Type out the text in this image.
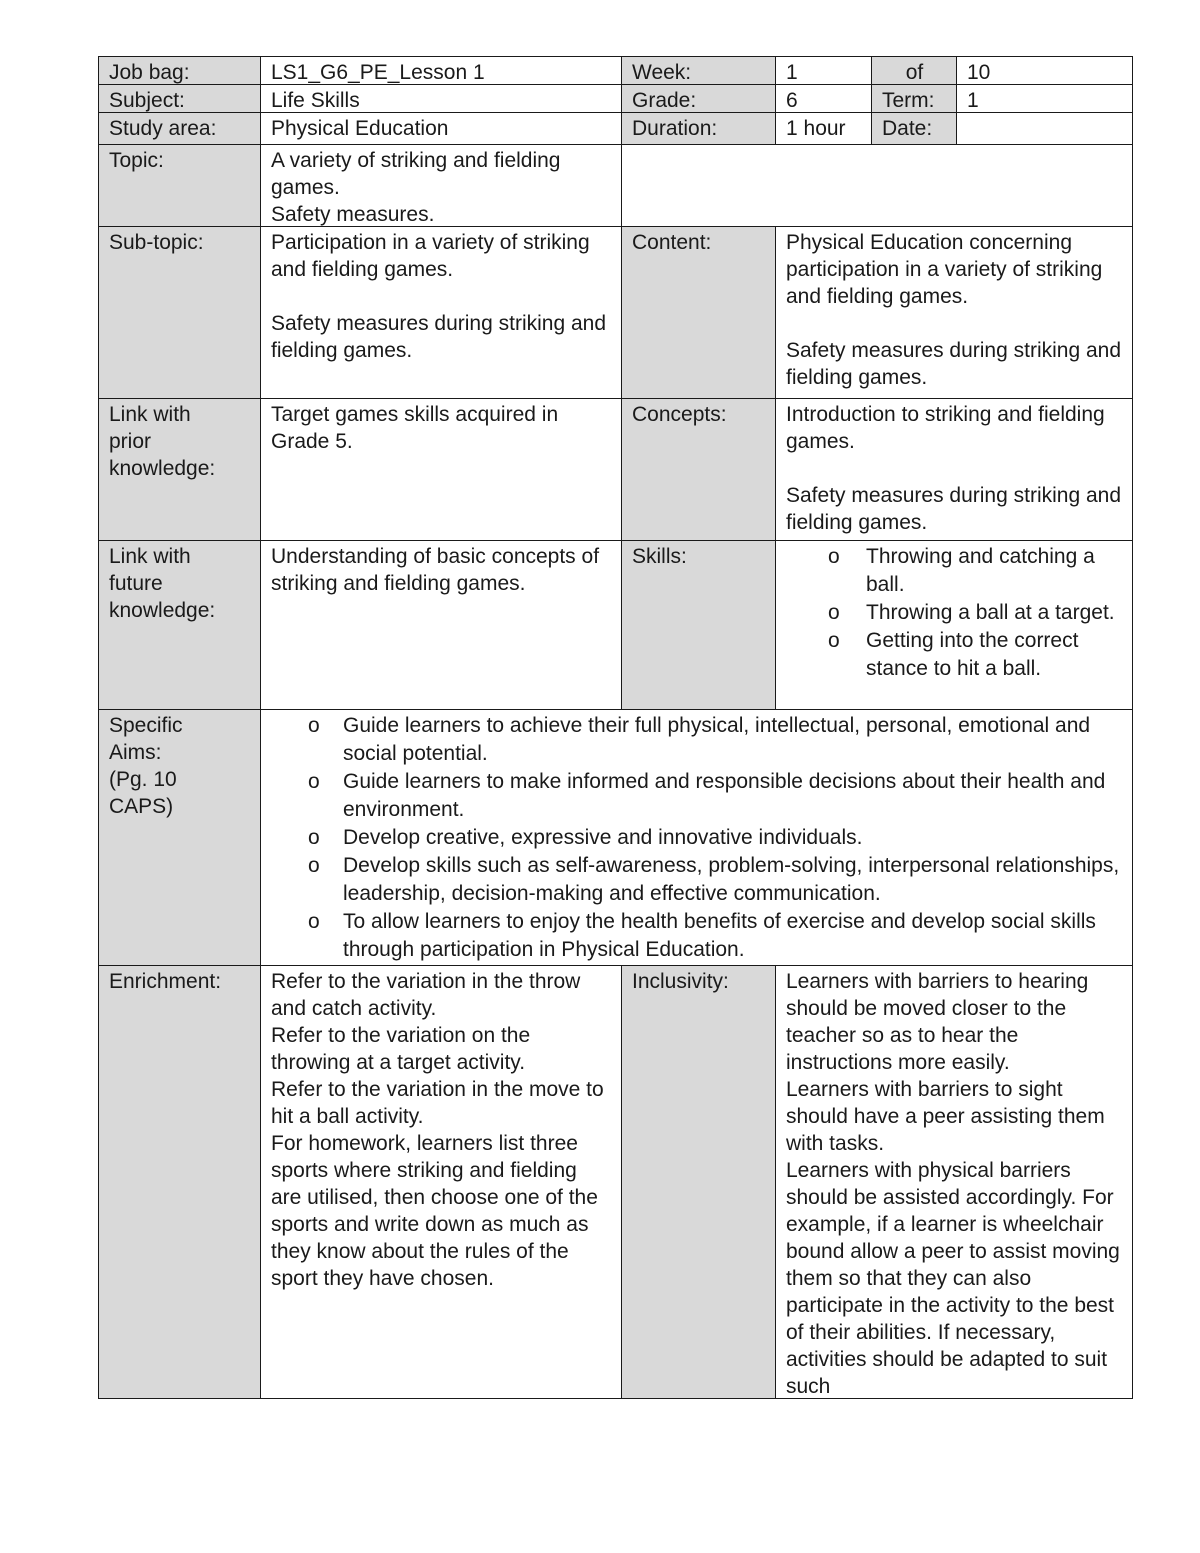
Job bag:	LS1_G6_PE_Lesson 1	Week:	1	of	10
Subject:	Life Skills	Grade:	6	Term:	1
Study area:	Physical Education	Duration:	1 hour	Date:
Topic:	A variety of striking and fielding games.
Safety measures.
Sub-topic:	Participation in a variety of striking and fielding games.

Safety measures during striking and fielding games.
Content:	Physical Education concerning participation in a variety of striking and fielding games.

Safety measures during striking and fielding games.
Link with prior knowledge:
Target games skills acquired in Grade 5.
Concepts:	Introduction to striking and fielding games.

Safety measures during striking and fielding games.
Link with future knowledge:
Understanding of basic concepts of striking and fielding games.
Skills:
o	Throwing and catching a ball.
o Throwing a ball at a target.
o Getting into the correct stance to hit a ball.
Specific Aims:
(Pg. 10 CAPS)
o Guide learners to achieve their full physical, intellectual, personal, emotional and social potential.
o Guide learners to make informed and responsible decisions about their health and environment.
o Develop creative, expressive and innovative individuals.
o Develop skills such as self-awareness, problem-solving, interpersonal relationships, leadership, decision-making and effective communication.
o To allow learners to enjoy the health benefits of exercise and develop social skills through participation in Physical Education.
Enrichment:	Refer to the variation in the throw and catch activity.
Refer to the variation on the throwing at a target activity.
Refer to the variation in the move to hit a ball activity.
For homework, learners list three sports where striking and fielding are utilised, then choose one of the sports and write down as much as they know about the rules of the sport they have chosen.
Inclusivity:	Learners with barriers to hearing should be moved closer to the teacher so as to hear the instructions more easily.
Learners with barriers to sight should have a peer assisting them with tasks.
Learners with physical barriers should be assisted accordingly. For example, if a learner is wheelchair bound allow a peer to assist moving them so that they can also participate in the activity to the best of their abilities. If necessary, activities should be adapted to suit such
